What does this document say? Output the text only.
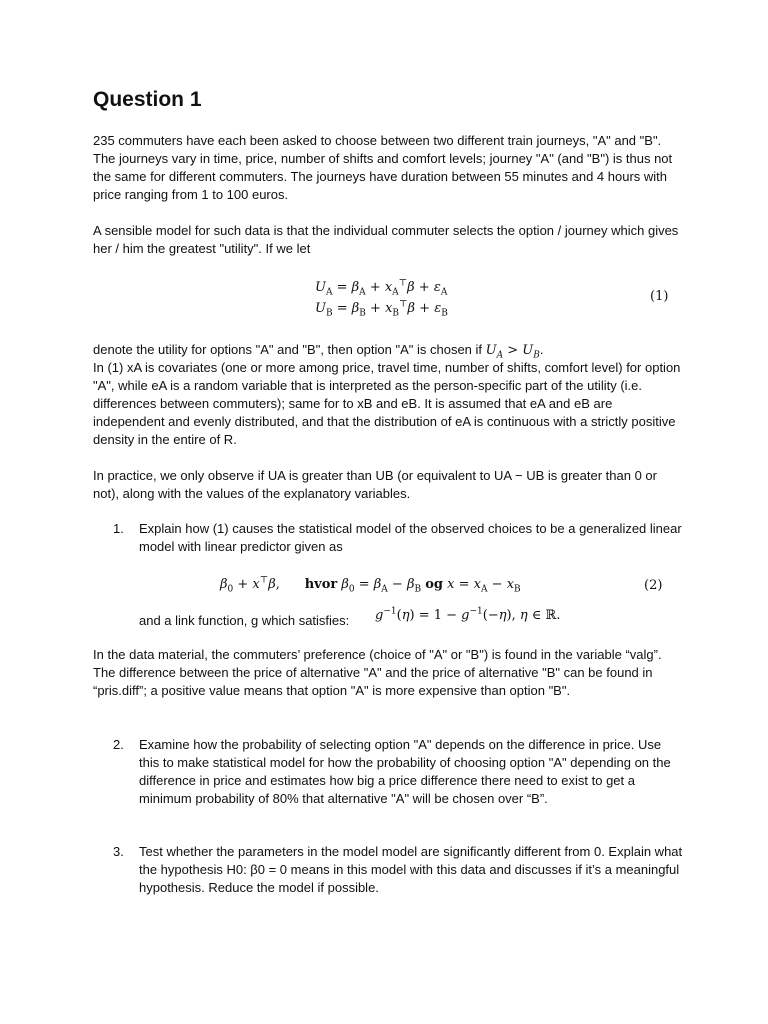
Question 1

235 commuters have each been asked to choose between two different train journeys, "A" and "B". The journeys vary in time, price, number of shifts and comfort levels; journey "A" (and "B") is thus not the same for different commuters. The journeys have duration between 55 minutes and 4 hours with price ranging from 1 to 100 euros.

A sensible model for such data is that the individual commuter selects the option / journey which gives her / him the greatest "utility". If we let

$U_A = \beta_A + x_A^⊤\beta + \varepsilon_A$
$U_B = \beta_B + x_B^⊤\beta + \varepsilon_B$
(1)

denote the utility for options "A" and "B", then option "A" is chosen if $U_A > U_B$.

In (1) xA is covariates (one or more among price, travel time, number of shifts, comfort level) for option "A", while eA is a random variable that is interpreted as the person-specific part of the utility (i.e. differences between commuters); same for to xB and eB. It is assumed that eA and eB are independent and evenly distributed, and that the distribution of eA is continuous with a strictly positive density in the entire of R.

In practice, we only observe if UA is greater than UB (or equivalent to UA − UB is greater than 0 or not), along with the values of the explanatory variables.

1. Explain how (1) causes the statistical model of the observed choices to be a generalized linear model with linear predictor given as
$\beta_0 + x^⊤\beta$,      hvor $\beta_0 = \beta_A - \beta_B$ og $x = x_A - x_B$	(2)
and a link function, g which satisfies:	$g^{-1}(\eta) = 1 - g^{-1}(-\eta)$, η ∈ ℝ.

In the data material, the commuters’ preference (choice of "A" or "B") is found in the variable “valg”. The difference between the price of alternative "A" and the price of alternative "B" can be found in “pris.diff”; a positive value means that option "A" is more expensive than option "B".

2. Examine how the probability of selecting option "A" depends on the difference in price. Use this to make statistical model for how the probability of choosing option "A" depending on the difference in price and estimates how big a price difference there need to exist to get a minimum probability of 80% that alternative "A" will be chosen over “B”.
3. Test whether the parameters in the model model are significantly different from 0. Explain what the hypothesis H0: β0 = 0 means in this model with this data and discusses if it’s a meaningful hypothesis. Reduce the model if possible.
